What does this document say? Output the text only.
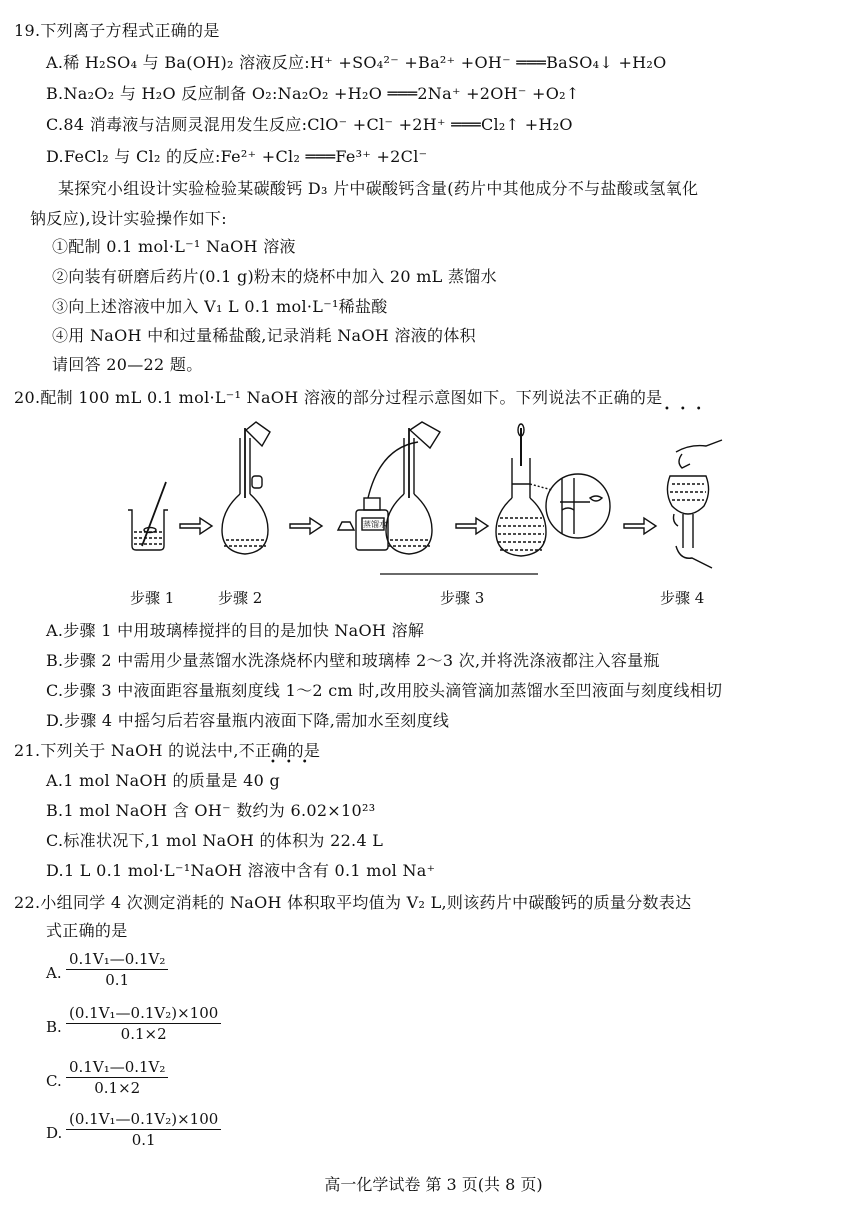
19.下列离子方程式正确的是
A.稀 H₂SO₄ 与 Ba(OH)₂ 溶液反应:H⁺ +SO₄²⁻ +Ba²⁺ +OH⁻ ═══BaSO₄↓ +H₂O
B.Na₂O₂ 与 H₂O 反应制备 O₂:Na₂O₂ +H₂O ═══2Na⁺ +2OH⁻ +O₂↑
C.84 消毒液与洁厕灵混用发生反应:ClO⁻ +Cl⁻ +2H⁺ ═══Cl₂↑ +H₂O
D.FeCl₂ 与 Cl₂ 的反应:Fe²⁺ +Cl₂ ═══Fe³⁺ +2Cl⁻
某探究小组设计实验检验某碳酸钙 D₃ 片中碳酸钙含量(药片中其他成分不与盐酸或氢氧化
钠反应),设计实验操作如下:
①配制 0.1 mol·L⁻¹ NaOH 溶液
②向装有研磨后药片(0.1 g)粉末的烧杯中加入 20 mL 蒸馏水
③向上述溶液中加入 V₁ L 0.1 mol·L⁻¹稀盐酸
④用 NaOH 中和过量稀盐酸,记录消耗 NaOH 溶液的体积
请回答 20—22 题。
20.配制 100 mL 0.1 mol·L⁻¹ NaOH 溶液的部分过程示意图如下。下列说法不正确的是
•••
蒸馏水
步骤 1	步骤 2	步骤 3	步骤 4
A.步骤 1 中用玻璃棒搅拌的目的是加快 NaOH 溶解
B.步骤 2 中需用少量蒸馏水洗涤烧杯内壁和玻璃棒 2～3 次,并将洗涤液都注入容量瓶
C.步骤 3 中液面距容量瓶刻度线 1～2 cm 时,改用胶头滴管滴加蒸馏水至凹液面与刻度线相切
D.步骤 4 中摇匀后若容量瓶内液面下降,需加水至刻度线
21.下列关于 NaOH 的说法中,不正确的是
•••
A.1 mol NaOH 的质量是 40 g
B.1 mol NaOH 含 OH⁻ 数约为 6.02×10²³
C.标准状况下,1 mol NaOH 的体积为 22.4 L
D.1 L 0.1 mol·L⁻¹NaOH 溶液中含有 0.1 mol Na⁺
22.小组同学 4 次测定消耗的 NaOH 体积取平均值为 V₂ L,则该药片中碳酸钙的质量分数表达
式正确的是
A. $\frac{\text{0.1V₁—0.1V₂}}{0.1}$
B. $\frac{\text{(0.1V₁—0.1V₂)×100}}{0.1\times 2}$
C. $\frac{\text{0.1V₁—0.1V₂}}{0.1\times 2}$
D. $\frac{\text{(0.1V₁—0.1V₂)×100}}{0.1}$
高一化学试卷 第 3 页(共 8 页)
